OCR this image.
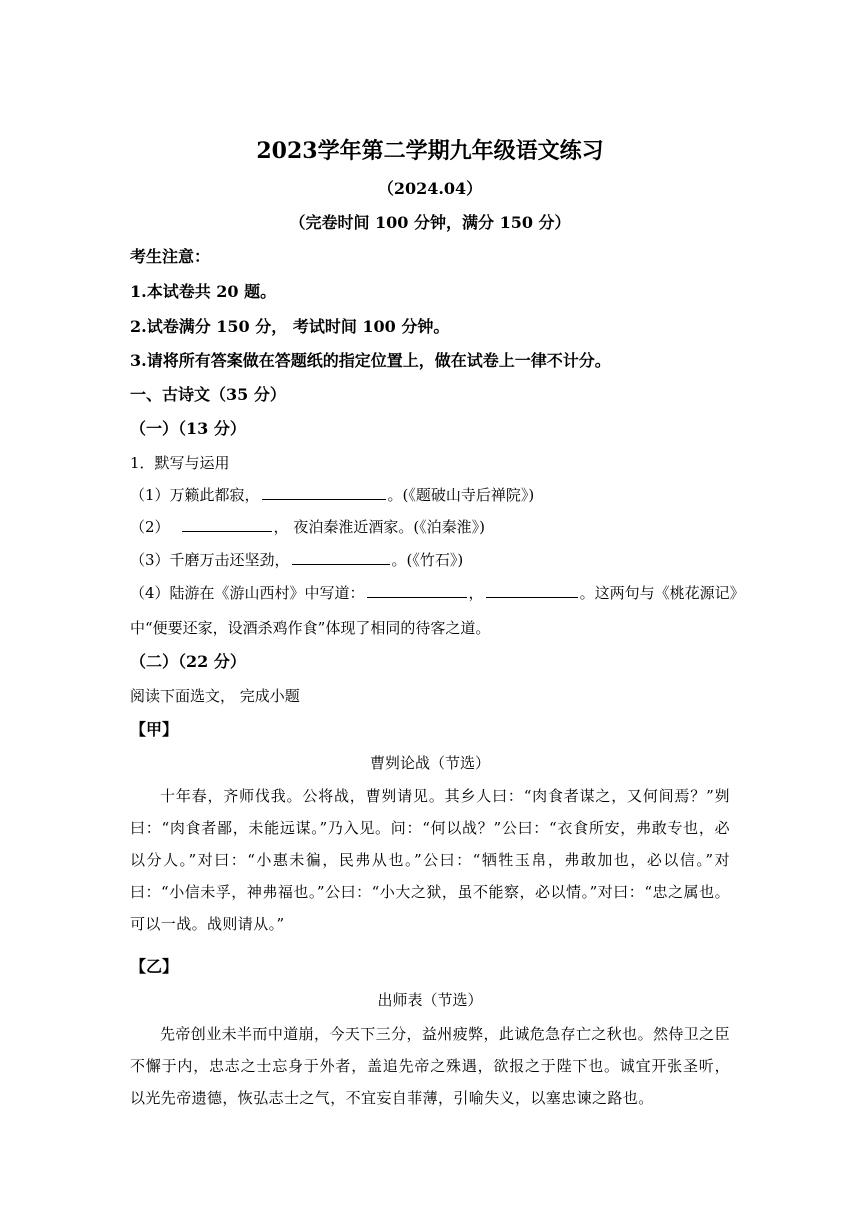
2023学年第二学期九年级语文练习
（2024.04）
（完卷时间 100 分钟，满分 150 分）
考生注意：
1.本试卷共 20 题。
2.试卷满分 150 分， 考试时间 100 分钟。
3.请将所有答案做在答题纸的指定位置上，做在试卷上一律不计分。
一、古诗文（35 分）
（一）（13 分）
1．默写与运用
（1）万籁此都寂，	。(《题破山寺后禅院》)
（2）	， 夜泊秦淮近酒家。(《泊秦淮》)
（3）千磨万击还坚劲，	。(《竹石》)
（4）陆游在《游山西村》中写道：	，	。这两句与《桃花源记》
中“便要还家，设酒杀鸡作食”体现了相同的待客之道。
（二）（22 分）
阅读下面选文， 完成小题
【甲】
曹刿论战（节选）

十年春，齐师伐我。公将战，曹刿请见。其乡人曰：“肉食者谋之，又何间焉？”刿曰：“肉食者鄙，未能远谋。”乃入见。问：“何以战？”公曰：“衣食所安，弗敢专也，必以分人。”对曰：“小惠未徧，民弗从也。”公曰：“牺牲玉帛，弗敢加也，必以信。”对曰：“小信未孚，神弗福也。”公曰：“小大之狱，虽不能察，必以情。”对曰：“忠之属也。可以一战。战则请从。”

【乙】
出师表（节选）

先帝创业未半而中道崩，今天下三分，益州疲弊，此诚危急存亡之秋也。然侍卫之臣不懈于内，忠志之士忘身于外者，盖追先帝之殊遇，欲报之于陛下也。诚宜开张圣听，以光先帝遗德，恢弘志士之气，不宜妄自菲薄，引喻失义，以塞忠谏之路也。
